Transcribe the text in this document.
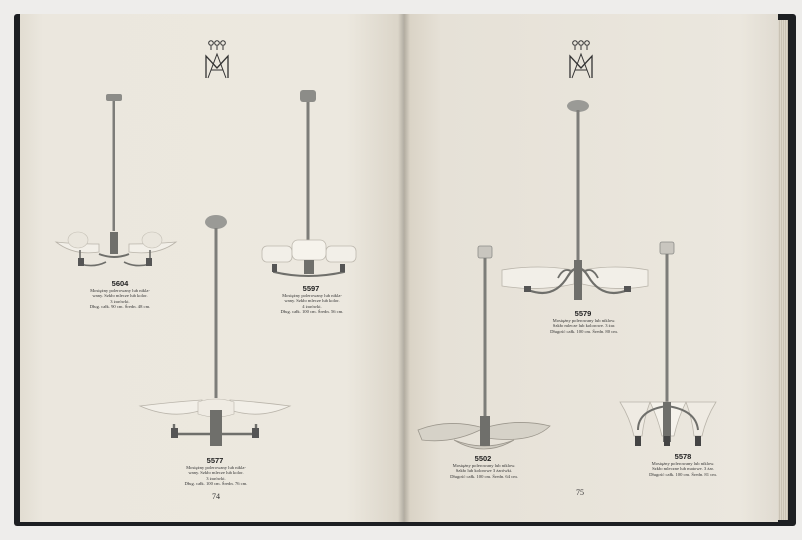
5604
Mosiężny polerowany lub nikla-
wany. Szkło mlecze lub kolor.
3 żarówki.
Dług. całk. 90 cm. Średn. 48 cm.
5597
Mosiężny polerowany lub nikla-
wany. Szkło mlecze lub kolor.
4 żarówki.
Dług. całk. 100 cm. Średn. 56 cm.
5577
Mosiężny polerowany lub nikla-
wany. Szkło mlecze lub kolor.
3 żarówki.
Dług. całk. 100 cm. Średn. 76 cm.
74
5579
Mosiężny polerowany lub niklow.
Szkło mlecze lub kolorowe. 3 żar.
Długość całk. 100 cm. Średn. 80 cm.
5502
Mosiężny polerowany lub niklow.
Szkło lub kolorowe 3 żarówki.
Długość całk. 100 cm. Średn. 64 cm.
5578
Mosiężny polerowany lub niklow.
Szkło mleczne lub matowe. 3 żar.
Długość całk. 100 cm. Średn. 81 cm.
75
